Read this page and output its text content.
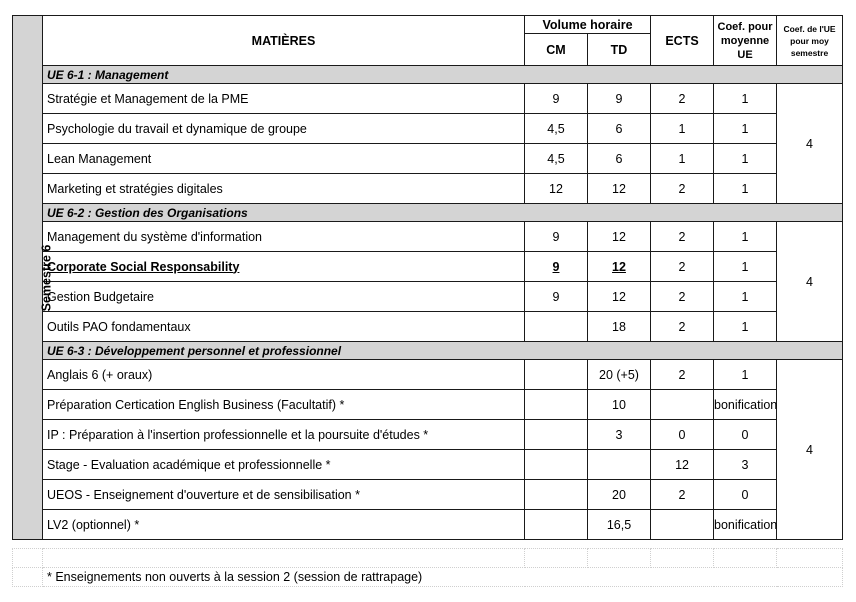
Semestre 6	MATIÈRES	Volume horaire		ECTS	Coef. pour moyenne UE	Coef. de l'UE pour moy semestre

		CM	TD			
	UE 6-1 : Management					
	Stratégie et Management de la PME	9	9	2	1	4
	Psychologie du travail et dynamique de groupe	4,5	6	1	1	
	Lean Management	4,5	6	1	1	
	Marketing et stratégies digitales	12	12	2	1	
	UE 6-2 : Gestion des Organisations					
	Management du système d'information	9	12	2	1	4
	Corporate Social Responsability	9	12	2	1	
	Gestion Budgetaire	9	12	2	1	
	Outils PAO fondamentaux		18	2	1	
	UE 6-3 : Développement personnel et professionnel					
	Anglais 6 (+ oraux)		20 (+5)	2	1	4
	Préparation Certication English Business (Facultatif) *		10		bonification	
	IP : Préparation à l'insertion professionnelle et la poursuite d'études *		3	0	0	
	Stage - Evaluation académique et professionnelle *			12	3	
	UEOS - Enseignement d'ouverture et de sensibilisation *		20	2	0	
	LV2 (optionnel) *		16,5		bonification	

	* Enseignements non ouverts à la session 2 (session de rattrapage)					
